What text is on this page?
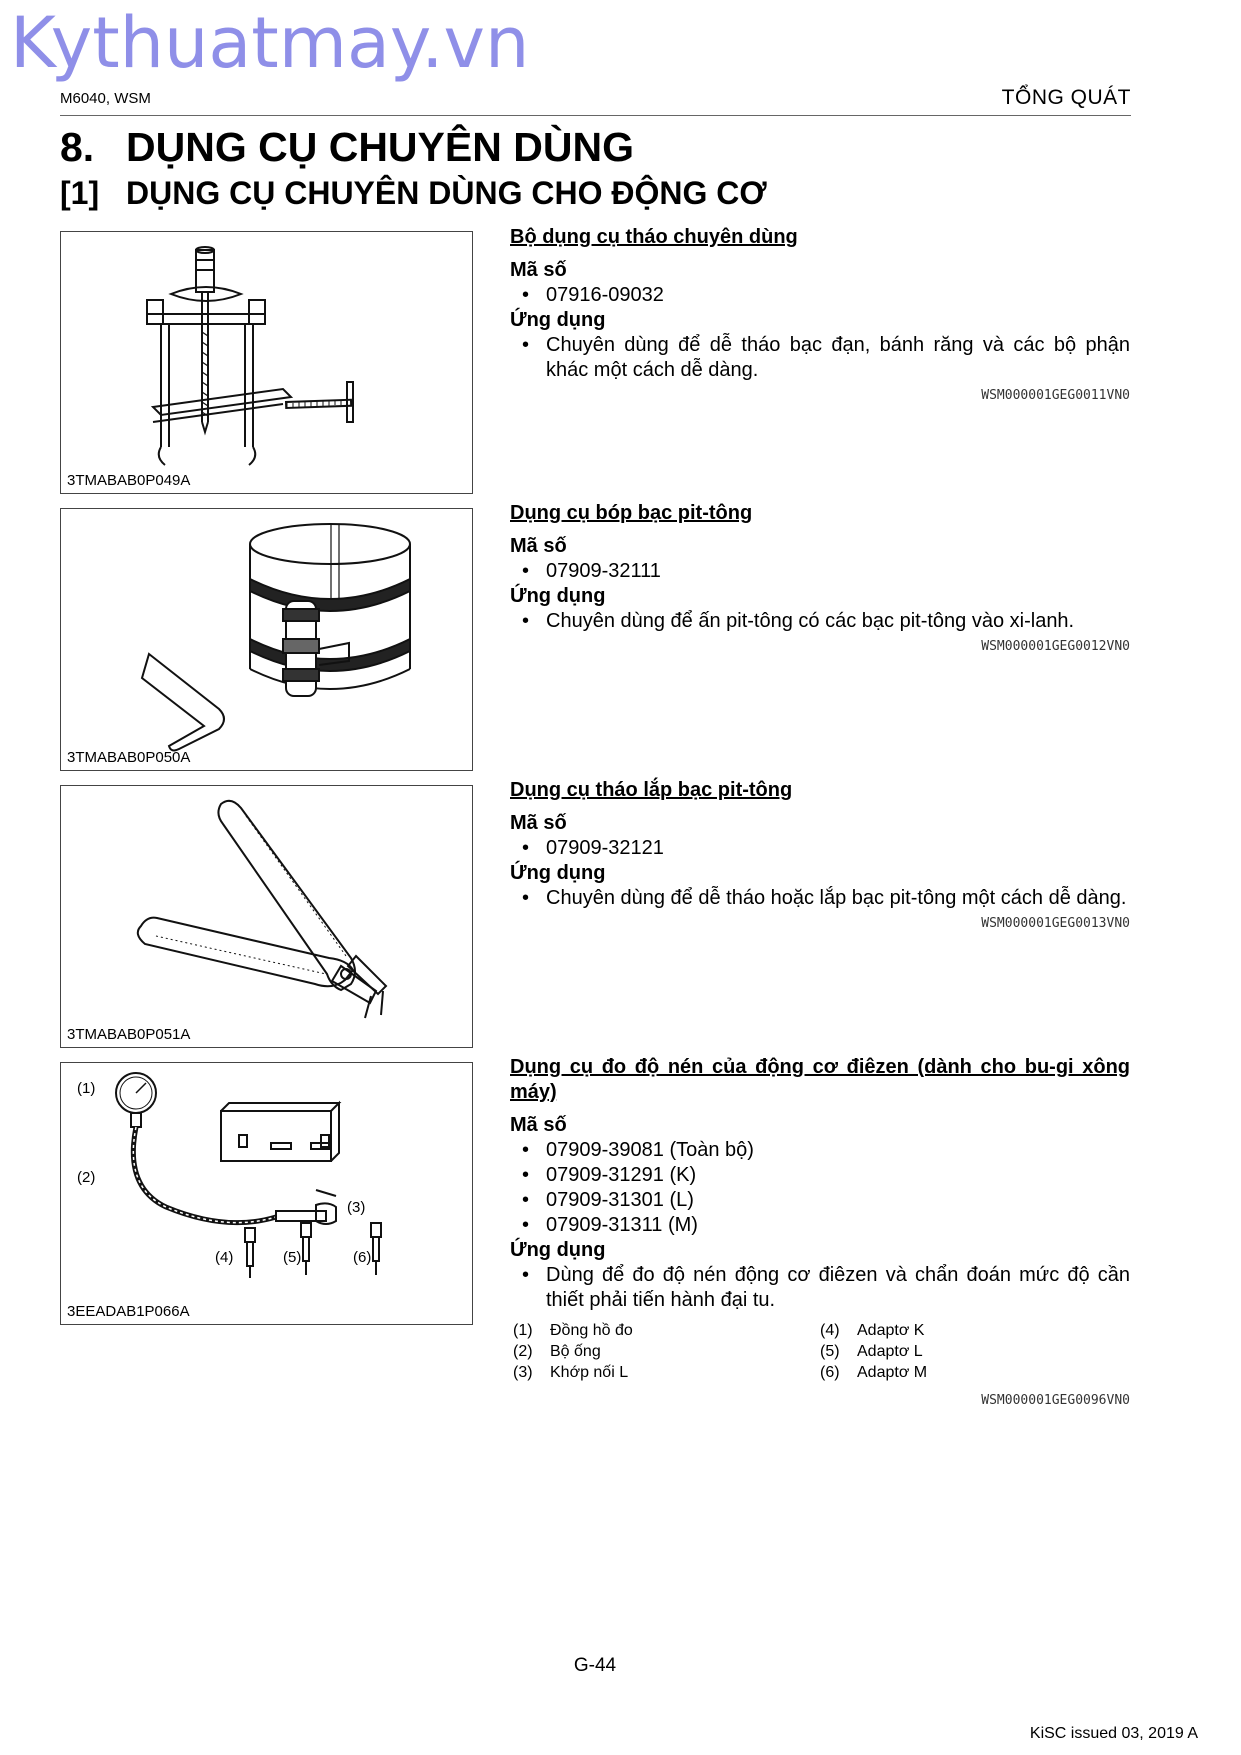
Kythuatmay.vn
M6040, WSM	TỔNG QUÁT
8. DỤNG CỤ CHUYÊN DÙNG
[1] DỤNG CỤ CHUYÊN DÙNG CHO ĐỘNG CƠ
3TMABAB0P049A
Bộ dụng cụ tháo chuyên dùng
Mã số
• 07916-09032
Ứng dụng
• Chuyên dùng để dễ tháo bạc đạn, bánh răng và các bộ phận khác một cách dễ dàng.
WSM000001GEG0011VN0
3TMABAB0P050A
Dụng cụ bóp bạc pit-tông
Mã số
• 07909-32111
Ứng dụng
• Chuyên dùng để ấn pit-tông có các bạc pit-tông vào xi-lanh.
WSM000001GEG0012VN0
3TMABAB0P051A
Dụng cụ tháo lắp bạc pit-tông
Mã số
• 07909-32121
Ứng dụng
• Chuyên dùng để dễ tháo hoặc lắp bạc pit-tông một cách dễ dàng.
WSM000001GEG0013VN0
(1)
(2)
(3)
(4)	(5)	(6)
3EEADAB1P066A
Dụng cụ đo độ nén của động cơ điêzen (dành cho bu-gi xông máy)
Mã số
• 07909-39081 (Toàn bộ)
• 07909-31291 (K)
• 07909-31301 (L)
• 07909-31311 (M)
Ứng dụng
• Dùng để đo độ nén động cơ điêzen và chẩn đoán mức độ cần thiết phải tiến hành đại tu.
(1) Đồng hồ đo	(4) Adaptơ K
(2) Bộ ống	(5) Adaptơ L
(3) Khớp nối L	(6) Adaptơ M
WSM000001GEG0096VN0
G-44
KiSC issued 03, 2019 A
